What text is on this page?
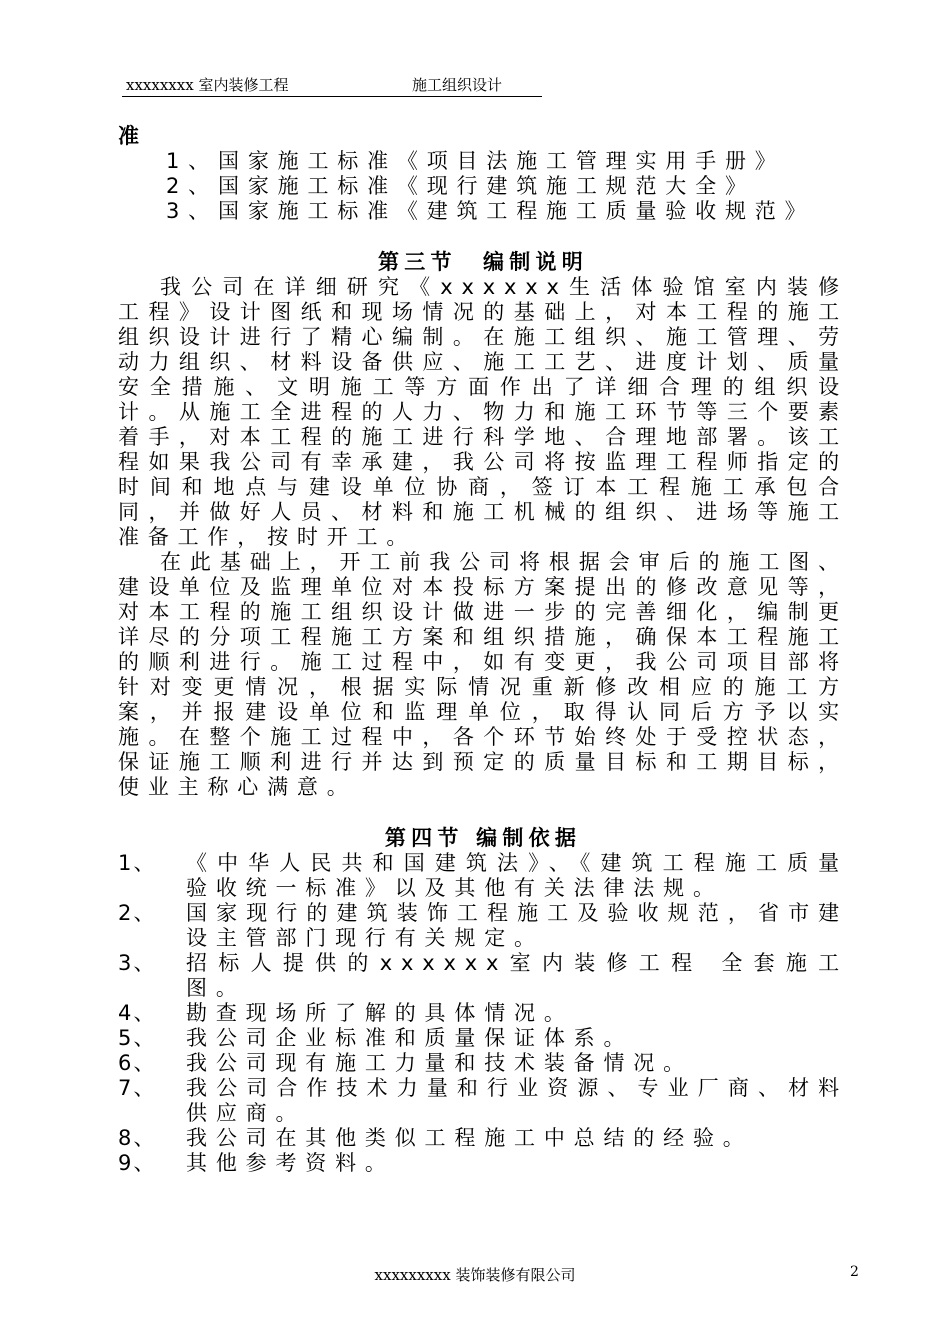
xxxxxxxx 室内装修工程	施工组织设计

准

1、国家施工标准《项目法施工管理实用手册》

2、国家施工标准《现行建筑施工规范大全》

3、国家施工标准《建筑工程施工质量验收规范》

第三节　编制说明

我公司在详细研究《xxxxxx生活体验馆室内装修工程》设计图纸和现场情况的基础上，对本工程的施工组织设计进行了精心编制。在施工组织、施工管理、劳动力组织、材料设备供应、施工工艺、进度计划、质量安全措施、文明施工等方面作出了详细合理的组织设计。从施工全进程的人力、物力和施工环节等三个要素着手，对本工程的施工进行科学地、合理地部署。该工程如果我公司有幸承建，我公司将按监理工程师指定的时间和地点与建设单位协商，签订本工程施工承包合同，并做好人员、材料和施工机械的组织、进场等施工准备工作，按时开工。

在此基础上，开工前我公司将根据会审后的施工图、建设单位及监理单位对本投标方案提出的修改意见等，对本工程的施工组织设计做进一步的完善细化，编制更详尽的分项工程施工方案和组织措施，确保本工程施工的顺利进行。施工过程中，如有变更，我公司项目部将针对变更情况，根据实际情况重新修改相应的施工方案，并报建设单位和监理单位，取得认同后方予以实施。在整个施工过程中，各个环节始终处于受控状态，保证施工顺利进行并达到预定的质量目标和工期目标，使业主称心满意。

第四节 编制依据

1、	《中华人民共和国建筑法》、《建筑工程施工质量验收统一标准》以及其他有关法律法规。
2、	国家现行的建筑装饰工程施工及验收规范，省市建设主管部门现行有关规定。
3、	招标人提供的xxxxxx室内装修工程 全套施工图。
4、	勘查现场所了解的具体情况。
5、	我公司企业标准和质量保证体系。
6、	我公司现有施工力量和技术装备情况。
7、	我公司合作技术力量和行业资源、专业厂商、材料供应商。
8、	我公司在其他类似工程施工中总结的经验。
9、	其他参考资料。
xxxxxxxxx 装饰装修有限公司	2
